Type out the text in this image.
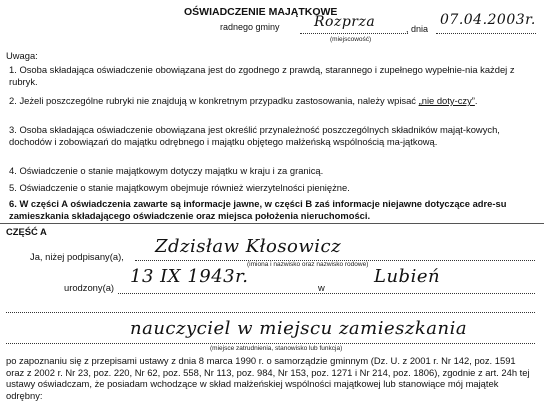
OŚWIADCZENIE MAJĄTKOWE
radnego gminy Rozprza
(miejscowość)
, dnia
07.04.2003r.
Uwaga:
1. Osoba składająca oświadczenie obowiązana jest do zgodnego z prawdą, starannego i zupełnego wypełnie-nia każdej z rubryk.
2. Jeżeli poszczególne rubryki nie znajdują w konkretnym przypadku zastosowania, należy wpisać „nie doty-czy”.
3. Osoba składająca oświadczenie obowiązana jest określić przynależność poszczególnych składników mająt-kowych, dochodów i zobowiązań do majątku odrębnego i majątku objętego małżeńską wspólnością ma-jątkową.
4. Oświadczenie o stanie majątkowym dotyczy majątku w kraju i za granicą.
5. Oświadczenie o stanie majątkowym obejmuje również wierzytelności pieniężne.
6. W części A oświadczenia zawarte są informacje jawne, w części B zaś informacje niejawne dotyczące adre-su zamieszkania składającego oświadczenie oraz miejsca położenia nieruchomości.
CZĘŚĆ A
Ja, niżej podpisany(a), Zdzisław Kłosowicz
(imiona i nazwisko oraz nazwisko rodowe)
urodzony(a)
13 IX 1943r.
w
Lubień
nauczyciel w miejscu zamieszkania
(miejsce zatrudnienia, stanowisko lub funkcja)
po zapoznaniu się z przepisami ustawy z dnia 8 marca 1990 r. o samorządzie gminnym (Dz. U. z 2001 r. Nr 142, poz. 1591 oraz z 2002 r. Nr 23, poz. 220, Nr 62, poz. 558, Nr 113, poz. 984, Nr 153, poz. 1271 i Nr 214, poz. 1806), zgodnie z art. 24h tej ustawy oświadczam, że posiadam wchodzące w skład małżeńskiej wspólności majątkowej lub stanowiące mój majątek odrębny:
